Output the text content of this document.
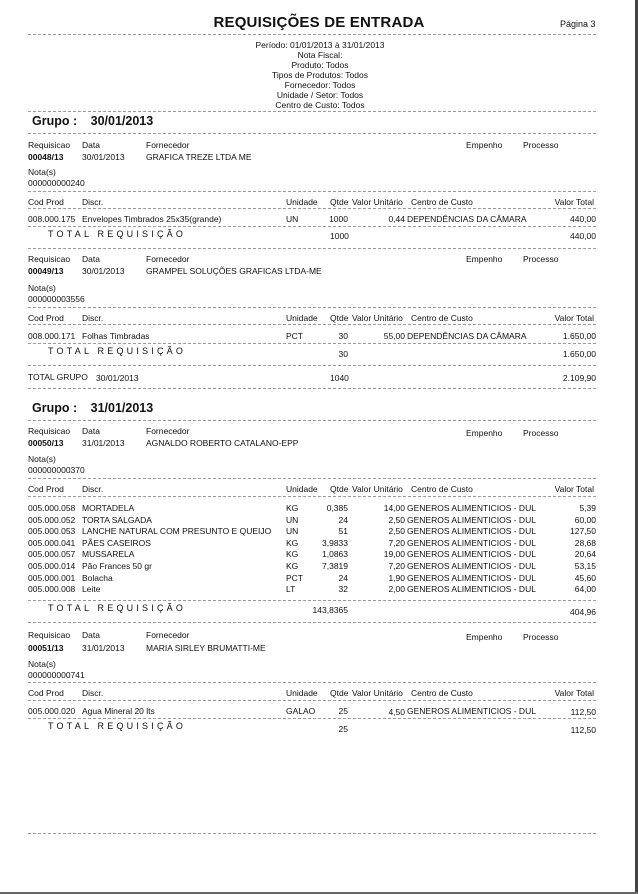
REQUISIÇÕES DE ENTRADA	Página 3
Período: 01/01/2013 à 31/01/2013
Nota Fiscal:
Produto: Todos
Tipos de Produtos: Todos
Fornecedor: Todos
Unidade / Setor: Todos
Centro de Custo: Todos
Grupo : 30/01/2013
Requisicao Data	Fornecedor	Empenho Processo
00048/13 30/01/2013	GRAFICA TREZE LTDA ME
Nota(s)
000000000240
Cod Prod Discr.	Unidade Qtde Valor Unitário Centro de Custo	Valor Total
008.000.175 Envelopes Timbrados 25x35(grande)	UN	1000	0,44 DEPENDÊNCIAS DA CÂMARA	440,00
TOTAL REQUISIÇÃO	1000	440,00
Requisicao Data	Fornecedor	Empenho Processo
00049/13 30/01/2013	GRAMPEL SOLUÇÕES GRAFICAS LTDA-ME
Nota(s)
000000003556
Cod Prod Discr.	Unidade Qtde Valor Unitário Centro de Custo	Valor Total
008.000.171 Folhas Timbradas	PCT	30	55,00 DEPENDÊNCIAS DA CÂMARA	1.650,00
TOTAL REQUISIÇÃO	30	1.650,00
TOTAL GRUPO 30/01/2013	1040	2.109,90
Grupo : 31/01/2013
Requisicao Data	Fornecedor	Empenho Processo
00050/13 31/01/2013	AGNALDO ROBERTO CATALANO-EPP
Nota(s)
000000000370
Cod Prod Discr.	Unidade Qtde Valor Unitário Centro de Custo	Valor Total
005.000.058 MORTADELA	KG	0,385	14,00 GENEROS ALIMENTICIOS - DUL	5,39
005.000.052 TORTA SALGADA	UN	24	2,50 GENEROS ALIMENTICIOS - DUL	60,00
005.000.053 LANCHE NATURAL COM PRESUNTO E QUEIJO UN	51	2,50 GENEROS ALIMENTICIOS - DUL	127,50
005.000.041 PÃES CASEIROS	KG	3,9833	7,20 GENEROS ALIMENTICIOS - DUL	28,68
005.000.057 MUSSARELA	KG	1,0863	19,00 GENEROS ALIMENTICIOS - DUL	20,64
005.000.014 Pão Frances 50 gr	KG	7,3819	7,20 GENEROS ALIMENTICIOS - DUL	53,15
005.000.001 Bolacha	PCT	24	1,90 GENEROS ALIMENTICIOS - DUL	45,60
005.000.008 Leite	LT	32	2,00 GENEROS ALIMENTICIOS - DUL	64,00
TOTAL REQUISIÇÃO	143,8365	404,96
Requisicao Data	Fornecedor	Empenho Processo
00051/13 31/01/2013	MARIA SIRLEY BRUMATTI-ME
Nota(s)
000000000741
Cod Prod Discr.	Unidade Qtde Valor Unitário Centro de Custo	Valor Total
005.000.020 Agua Mineral 20 lts	GALAO	25	4,50 GENEROS ALIMENTICIOS - DUL	112,50
TOTAL REQUISIÇÃO	25	112,50
